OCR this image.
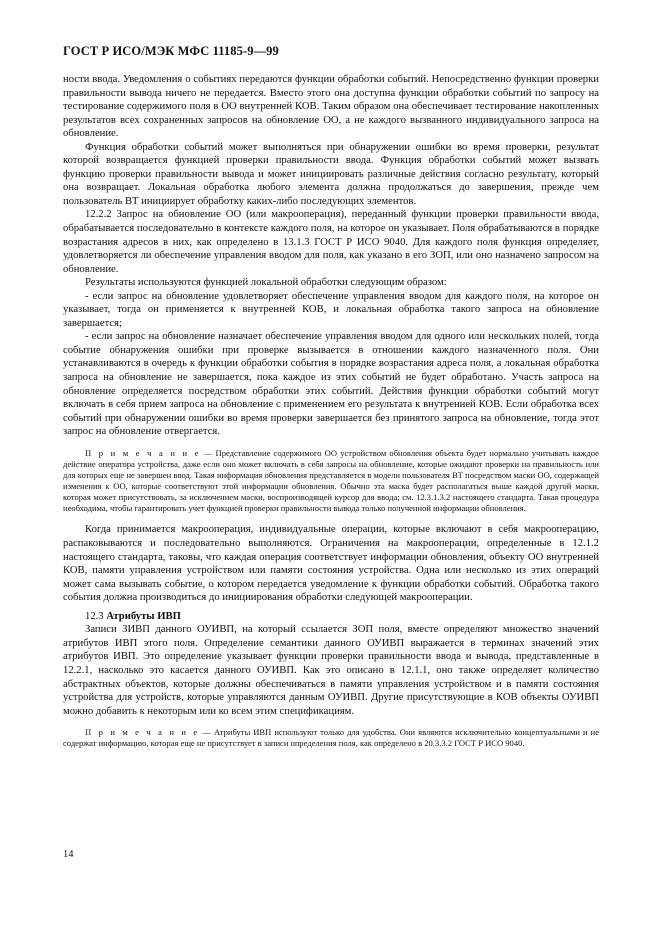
ГОСТ Р ИСО/МЭК МФС 11185-9—99

ности ввода. Уведомления о событиях передаются функции обработки событий. Непосредственно функции проверки правильности вывода ничего не передается. Вместо этого она доступна функции обработки событий по запросу на тестирование содержимого поля в ОО внутренней КОВ. Таким образом она обеспечивает тестирование накопленных результатов всех сохраненных запросов на обновление ОО, а не каждого вызванного индивидуального запроса на обновление.

Функция обработки событий может выполняться при обнаружении ошибки во время проверки, результат которой возвращается функцией проверки правильности ввода. Функция обработки событий может вызвать функцию проверки правильности вывода и может инициировать различные действия согласно результату, который она возвращает. Локальная обработка любого элемента должна продолжаться до завершения, прежде чем пользователь ВТ инициирует обработку каких-либо последующих элементов.

12.2.2 Запрос на обновление ОО (или макрооперация), переданный функции проверки правильности ввода, обрабатывается последовательно в контексте каждого поля, на которое он указывает. Поля обрабатываются в порядке возрастания адресов в них, как определено в 13.1.3 ГОСТ Р ИСО 9040. Для каждого поля функция определяет, удовлетворяется ли обеспечение управления вводом для поля, как указано в его ЗОП, или оно назначено запросом на обновление.

Результаты используются функцией локальной обработки следующим образом:

- если запрос на обновление удовлетворяет обеспечение управления вводом для каждого поля, на которое он указывает, тогда он применяется к внутренней КОВ, и локальная обработка такого запроса на обновление завершается;

- если запрос на обновление назначает обеспечение управления вводом для одного или нескольких полей, тогда событие обнаружения ошибки при проверке вызывается в отношении каждого назначенного поля. Они устанавливаются в очередь к функции обработки события в порядке возрастания адреса поля, а локальная обработка запроса на обновление не завершается, пока каждое из этих событий не будет обработано. Участь запроса на обновление определяется посредством обработки этих событий. Действия функции обработки событий могут включать в себя прием запроса на обновление с применением его результата к внутренней КОВ. Если обработка всех событий при обнаружении ошибки во время проверки завершается без принятого запроса на обновление, тогда этот запрос на обновление отвергается.

П р и м е ч а н и е — Представление содержимого ОО устройством обновления объекта будет нормально учитывать каждое действие оператора устройства, даже если оно может включать в себя запросы на обновление, которые ожидают проверки на правильность или для которых еще не завершен ввод. Такая информация обновления представляется в модели пользователя ВТ посредством маски ОО, содержащей изменения к ОО, которые соответствуют этой информации обновления. Обычно эта маска будет располагаться выше каждой другой маски, которая может присутствовать, за исключением маски, воспроизводящей курсор для ввода; см. 12.3.1.3.2 настоящего стандарта. Такая процедура необходима, чтобы гарантировать учет функцией проверки правильности вывода только полученной информации обновления.

Когда принимается макрооперация, индивидуальные операции, которые включают в себя макрооперацию, распаковываются и последовательно выполняются. Ограничения на макрооперации, определенные в 12.1.2 настоящего стандарта, таковы, что каждая операция соответствует информации обновления, объекту ОО внутренней КОВ, памяти управления устройством или памяти состояния устройства. Одна или несколько из этих операций может сама вызывать событие, о котором передается уведомление к функции обработки событий. Обработка такого события должна производиться до инициирования обработки следующей макрооперации.

12.3 Атрибуты ИВП

Записи ЗИВП данного ОУИВП, на который ссылается ЗОП поля, вместе определяют множество значений атрибутов ИВП этого поля. Определение семантики данного ОУИВП выражается в терминах значений этих атрибутов ИВП. Это определение указывает функции проверки правильности ввода и вывода, представленные в 12.2.1, насколько это касается данного ОУИВП. Как это описано в 12.1.1, оно также определяет количество абстрактных объектов, которые должны обеспечиваться в памяти управления устройством и в памяти состояния устройства для устройств, которые управляются данным ОУИВП. Другие присутствующие в КОВ объекты ОУИВП можно добавить к некоторым или ко всем этим спецификациям.

П р и м е ч а н и е — Атрибуты ИВП используют только для удобства. Они являются исключительно концептуальными и не содержат информацию, которая еще не присутствует в записи определения поля, как определено в 20.3.3.2 ГОСТ Р ИСО 9040.

14
